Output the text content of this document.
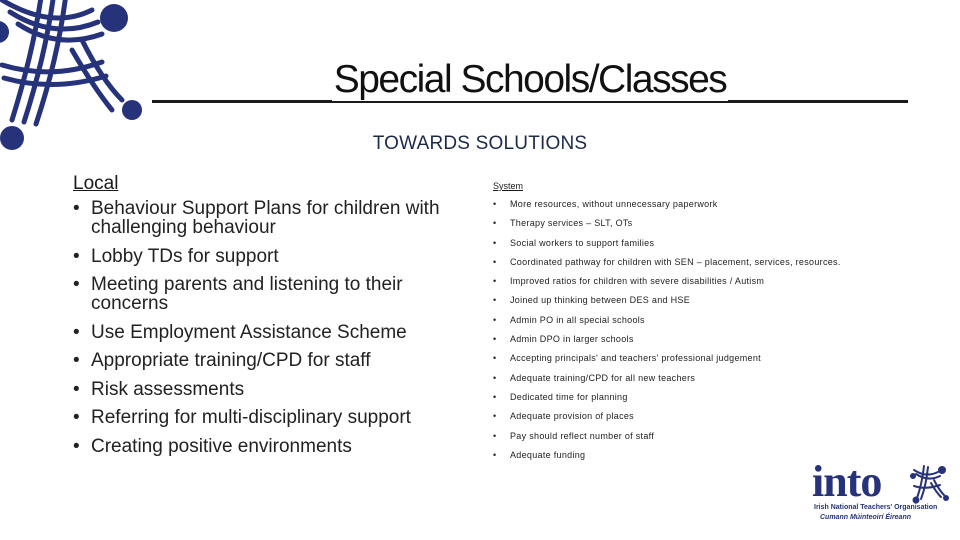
Special Schools/Classes
TOWARDS SOLUTIONS
Local
• Behaviour Support Plans for children with challenging behaviour
• Lobby TDs for support
• Meeting parents and listening to their concerns
• Use Employment Assistance Scheme
• Appropriate training/CPD for staff
• Risk assessments
• Referring for multi-disciplinary support
• Creating positive environments
System
• More resources, without unnecessary paperwork
• Therapy services – SLT, OTs
• Social workers to support families
• Coordinated pathway for children with SEN – placement, services, resources.
• Improved ratios for children with severe disabilities / Autism
• Joined up thinking between DES and HSE
• Admin PO in all special schools
• Admin DPO in larger schools
• Accepting principals' and teachers' professional judgement
• Adequate training/CPD for all new teachers
• Dedicated time for planning
• Adequate provision of places
• Pay should reflect number of staff
• Adequate funding
into
Irish National Teachers' Organisation
Cumann Múinteoirí Éireann
